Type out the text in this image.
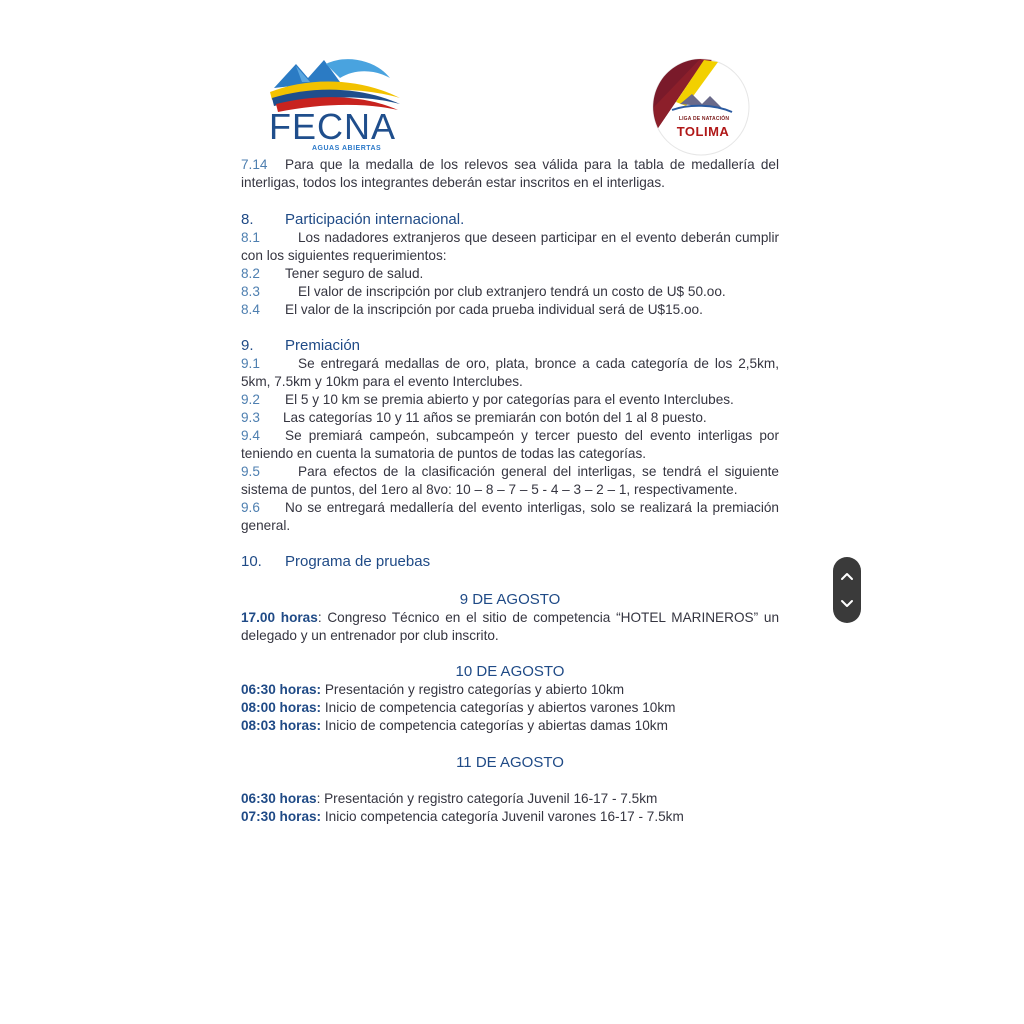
FECNA
AGUAS ABIERTAS
LIGA DE NATACIÓN
TOLIMA

7.14 Para que la medalla de los relevos sea válida para la tabla de medallería del interligas, todos los integrantes deberán estar inscritos en el interligas.

8. Participación internacional.

8.1	Los nadadores extranjeros que deseen participar en el evento deberán cumplir con los siguientes requerimientos:

8.2 Tener seguro de salud.

8.3	El valor de inscripción por club extranjero tendrá un costo de U$ 50.oo.

8.4 El valor de la inscripción por cada prueba individual será de U$15.oo.

9. Premiación

9.1	Se entregará medallas de oro, plata, bronce a cada categoría de los 2,5km, 5km, 7.5km y 10km para el evento Interclubes.

9.2 El 5 y 10 km se premia abierto y por categorías para el evento Interclubes.

9.3 Las categorías 10 y 11 años se premiarán con botón del 1 al 8 puesto.

9.4 Se premiará campeón, subcampeón y tercer puesto del evento interligas por teniendo en cuenta la sumatoria de puntos de todas las categorías.

9.5	Para efectos de la clasificación general del interligas, se tendrá el siguiente sistema de puntos, del 1ero al 8vo: 10 – 8 – 7 – 5 - 4 – 3 – 2 – 1, respectivamente.

9.6 No se entregará medallería del evento interligas, solo se realizará la premiación general.

10. Programa de pruebas

9 DE AGOSTO

17.00 horas: Congreso Técnico en el sitio de competencia “HOTEL MARINEROS” un delegado y un entrenador por club inscrito.

10 DE AGOSTO

06:30 horas: Presentación y registro categorías y abierto 10km

08:00 horas: Inicio de competencia categorías y abiertos varones 10km

08:03 horas: Inicio de competencia categorías y abiertas damas 10km

11 DE AGOSTO

06:30 horas: Presentación y registro categoría Juvenil 16-17 - 7.5km

07:30 horas: Inicio competencia categoría Juvenil varones 16-17 - 7.5km
